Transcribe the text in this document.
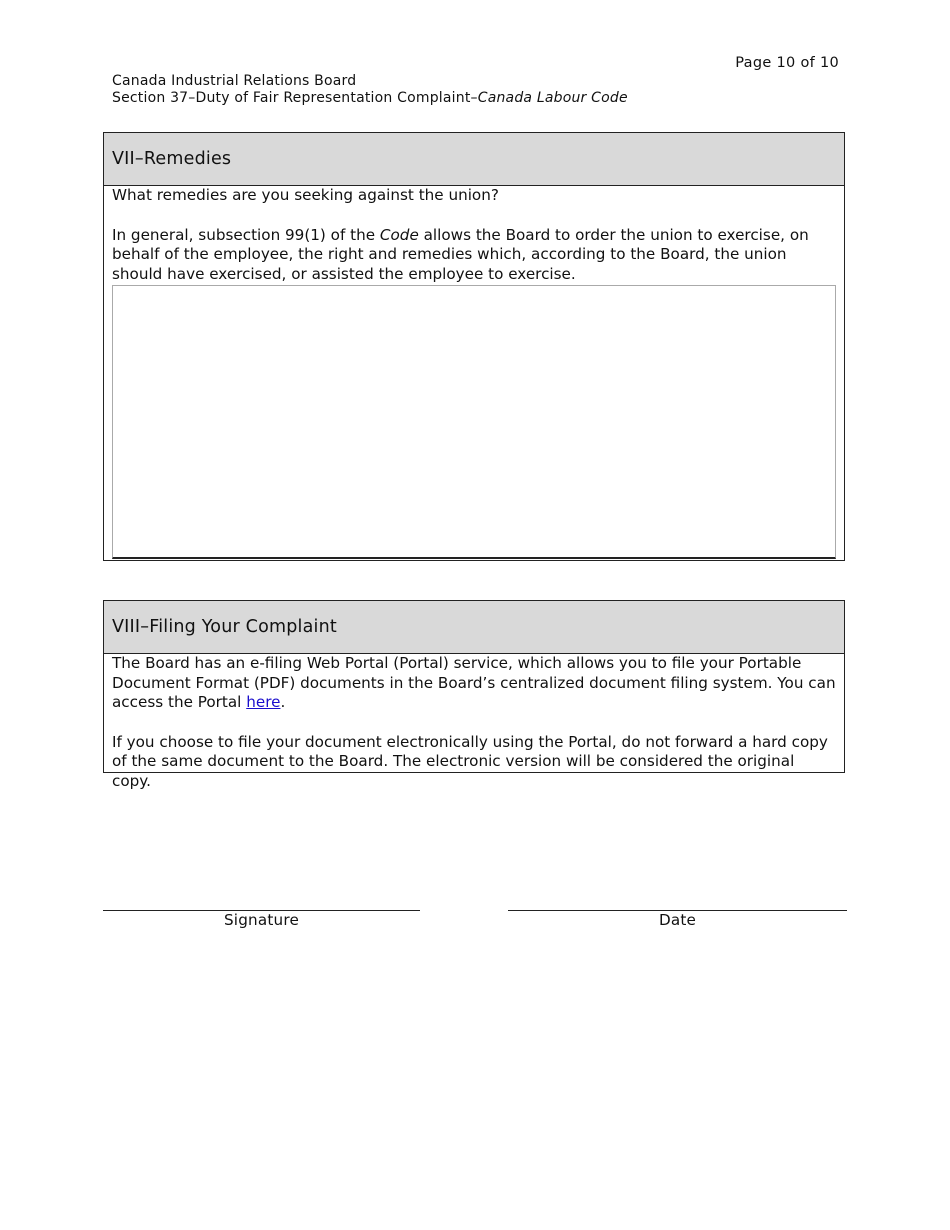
Page 10 of 10
Canada Industrial Relations Board
Section 37–Duty of Fair Representation Complaint–Canada Labour Code
VII–Remedies

What remedies are you seeking against the union?

In general, subsection 99(1) of the Code allows the Board to order the union to exercise, on behalf of the employee, the right and remedies which, according to the Board, the union should have exercised, or assisted the employee to exercise.

VIII–Filing Your Complaint

The Board has an e-filing Web Portal (Portal) service, which allows you to file your Portable Document Format (PDF) documents in the Board’s centralized document filing system. You can access the Portal here.

If you choose to file your document electronically using the Portal, do not forward a hard copy of the same document to the Board. The electronic version will be considered the original copy.

Signature	Date
